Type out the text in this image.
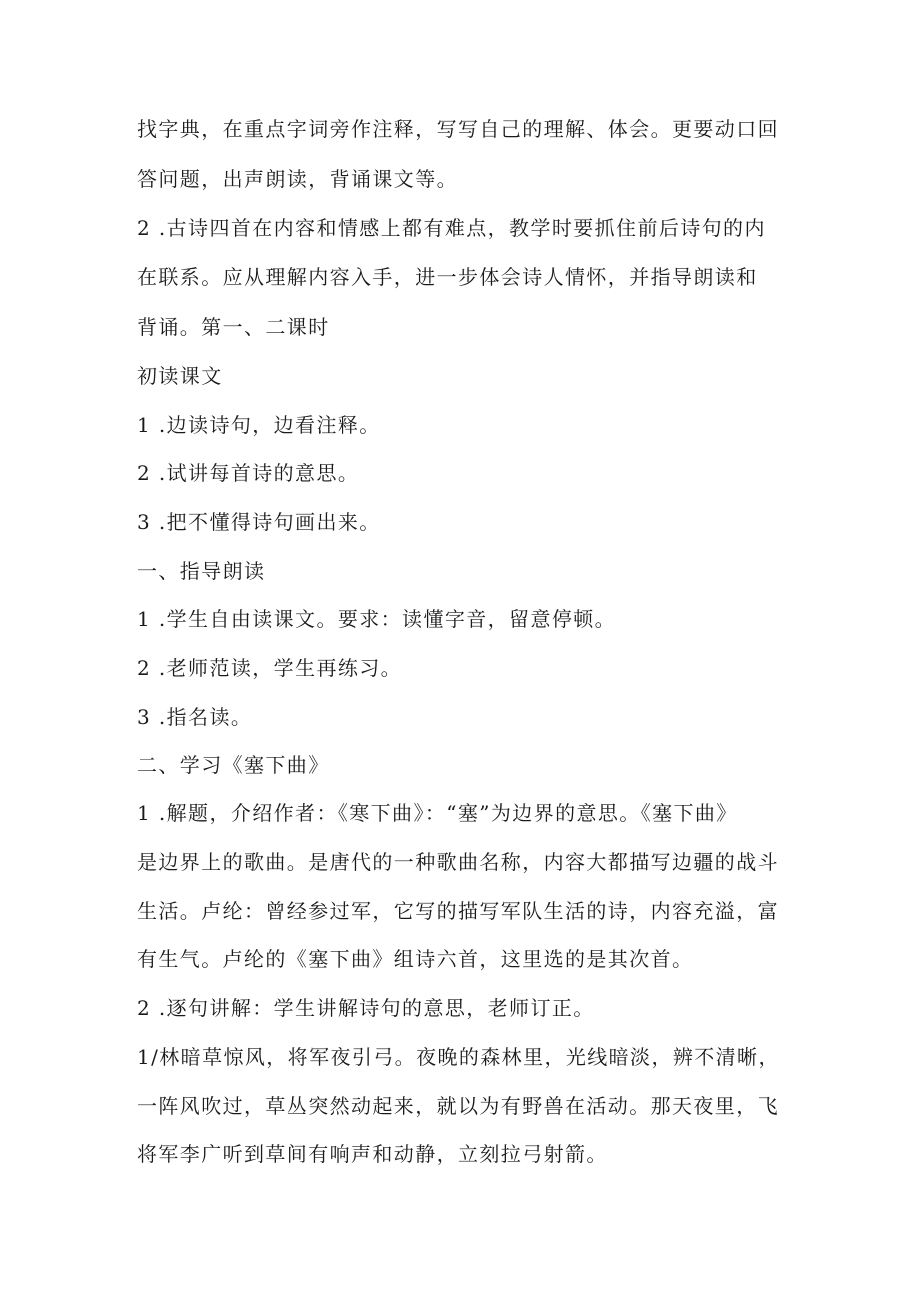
找字典，在重点字词旁作注释，写写自己的理解、体会。更要动口回
答问题，出声朗读，背诵课文等。
2 .古诗四首在内容和情感上都有难点，教学时要抓住前后诗句的内
在联系。应从理解内容入手，进一步体会诗人情怀，并指导朗读和
背诵。第一、二课时
初读课文
1 .边读诗句，边看注释。
2 .试讲每首诗的意思。
3 .把不懂得诗句画出来。
一、指导朗读
1 .学生自由读课文。要求：读懂字音，留意停顿。
2 .老师范读，学生再练习。
3 .指名读。
二、学习《塞下曲》
1 .解题，介绍作者：《寒下曲》：“塞”为边界的意思。《塞下曲》
是边界上的歌曲。是唐代的一种歌曲名称，内容大都描写边疆的战斗
生活。卢纶：曾经参过军，它写的描写军队生活的诗，内容充溢，富
有生气。卢纶的《塞下曲》组诗六首，这里选的是其次首。
2 .逐句讲解：学生讲解诗句的意思，老师订正。
1/林暗草惊风，将军夜引弓。夜晚的森林里，光线暗淡，辨不清晰，
一阵风吹过，草丛突然动起来，就以为有野兽在活动。那天夜里，飞
将军李广听到草间有响声和动静，立刻拉弓射箭。
